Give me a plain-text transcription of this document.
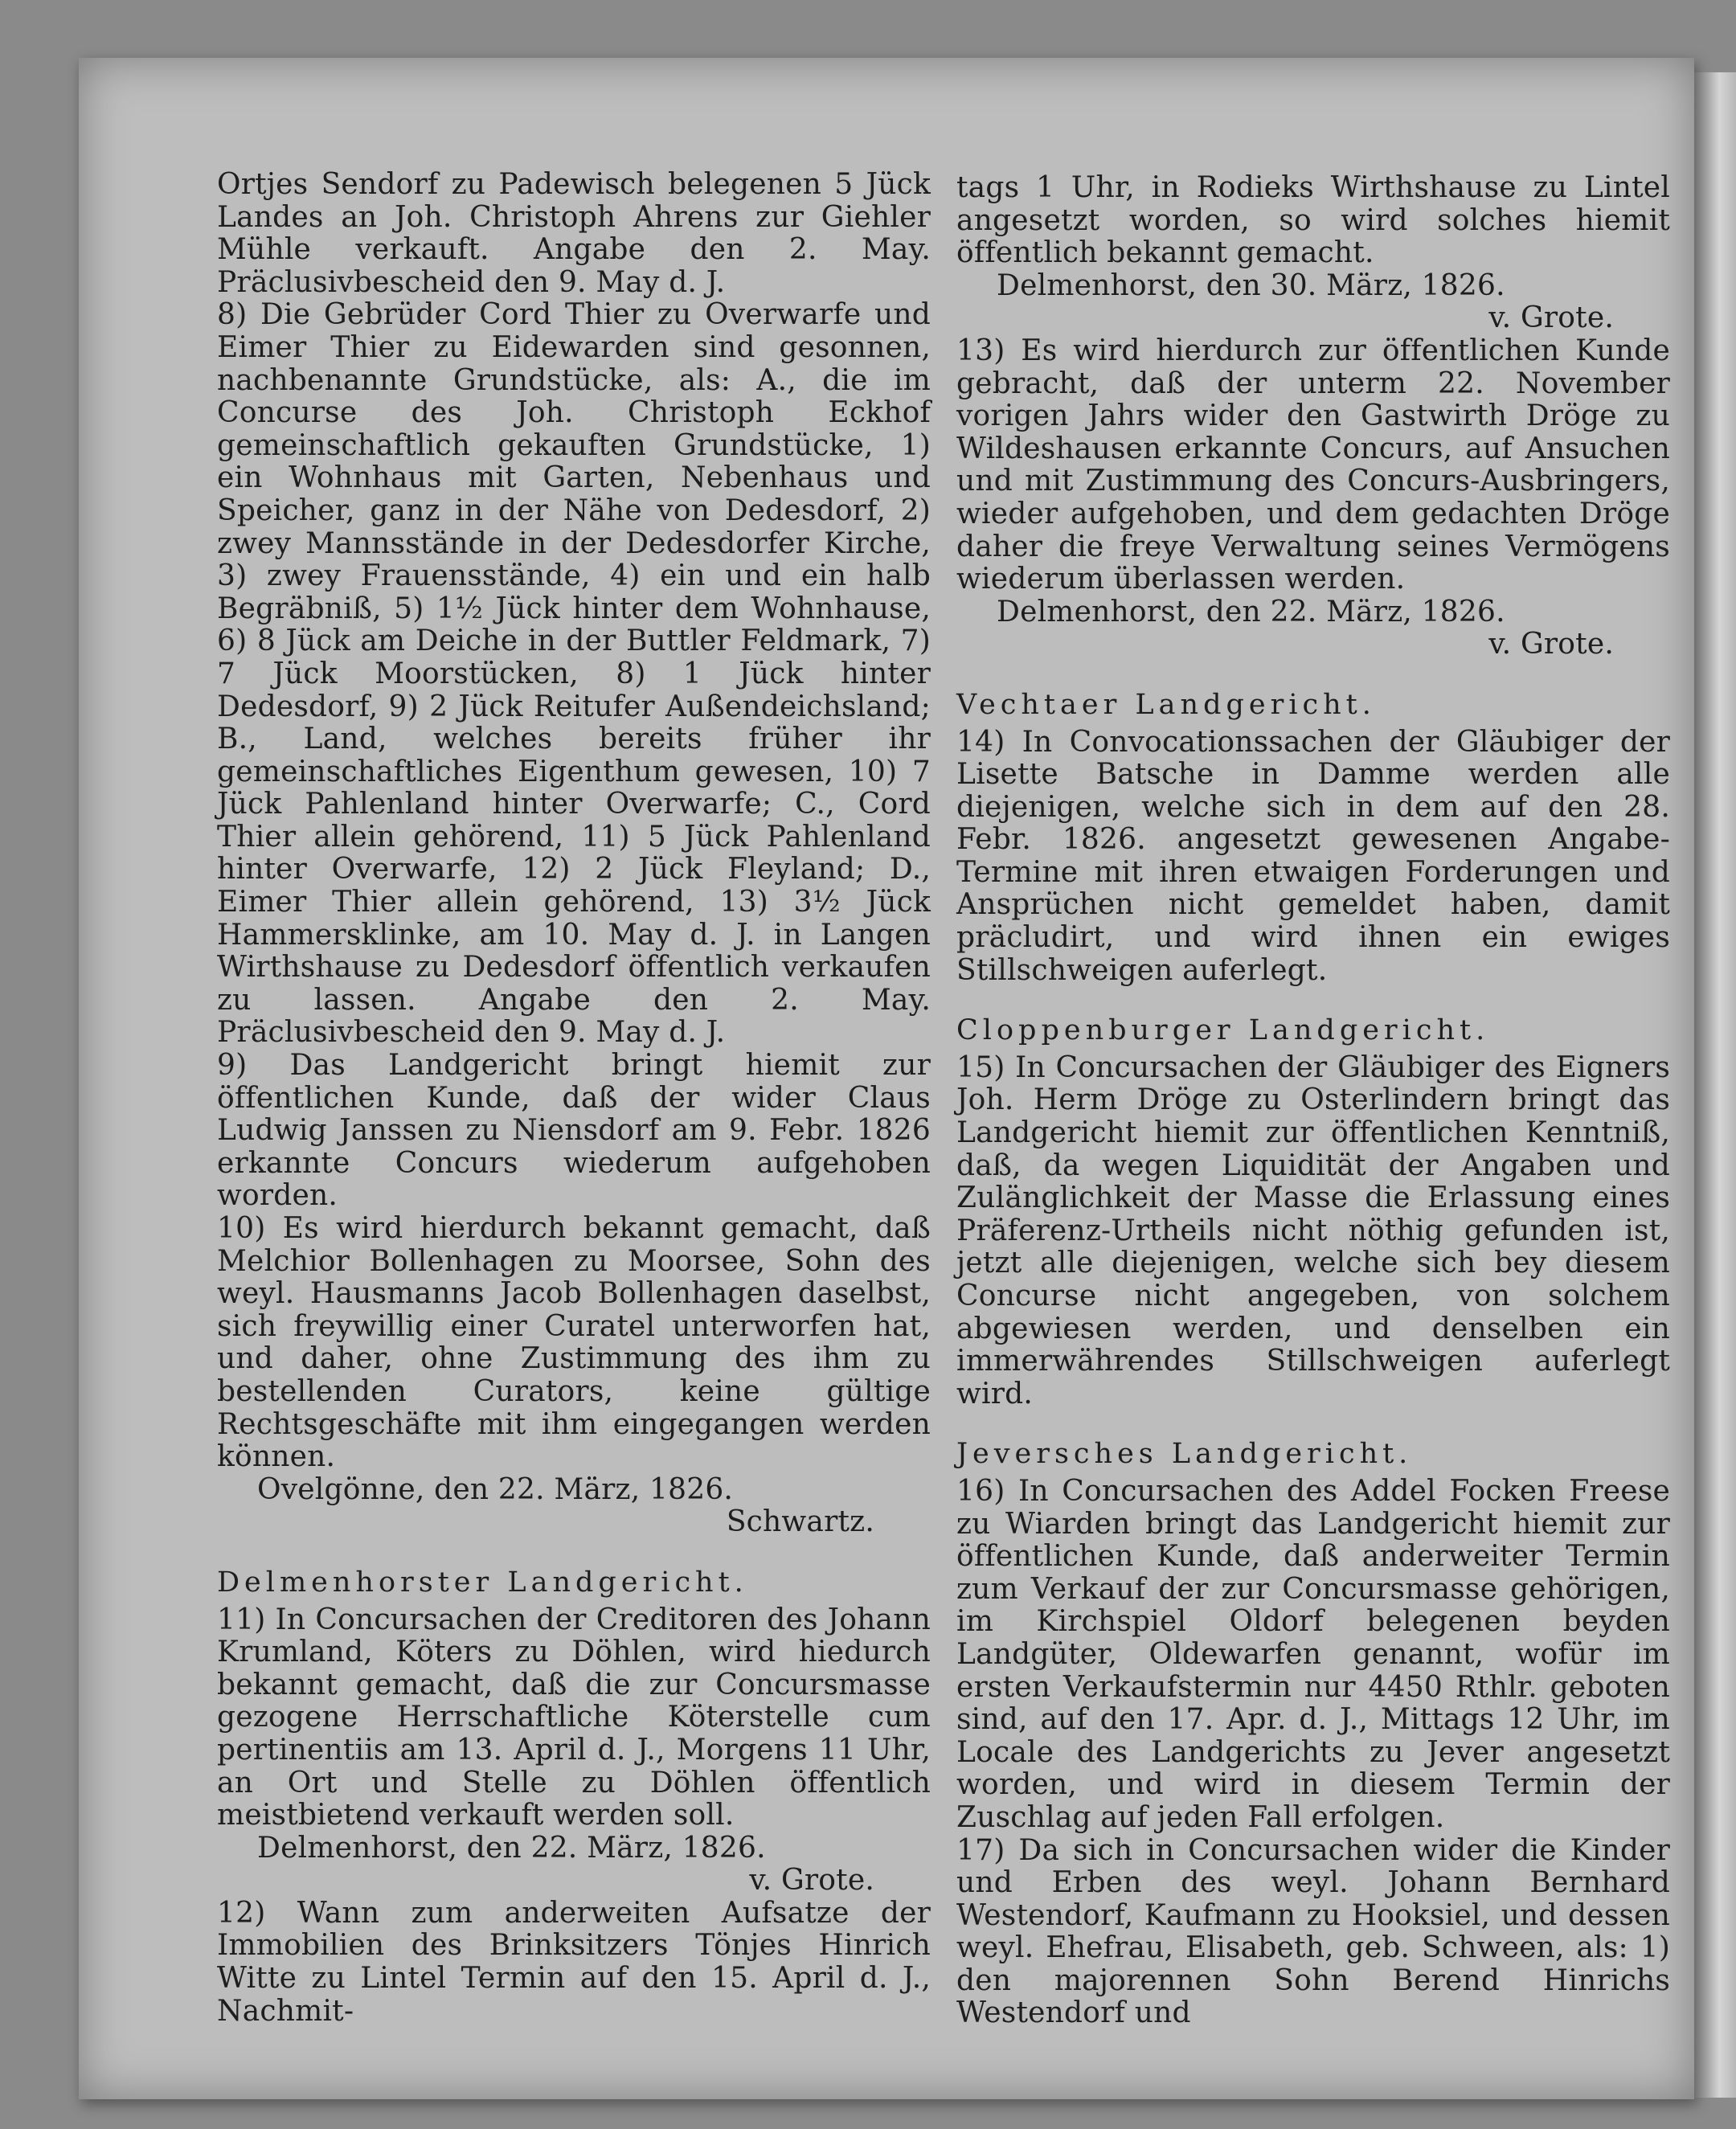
Ortjes Sendorf zu Padewisch belegenen 5 Jück Landes an Joh. Christoph Ahrens zur Giehler Mühle verkauft. Angabe den 2. May. Präclusivbescheid den 9. May d. J.

8) Die Gebrüder Cord Thier zu Overwarfe und Eimer Thier zu Eidewarden sind gesonnen, nachbenannte Grundstücke, als: A., die im Concurse des Joh. Christoph Eckhof gemeinschaftlich gekauften Grundstücke, 1) ein Wohnhaus mit Garten, Nebenhaus und Speicher, ganz in der Nähe von Dedesdorf, 2) zwey Mannsstände in der Dedesdorfer Kirche, 3) zwey Frauensstände, 4) ein und ein halb Begräbniß, 5) 1½ Jück hinter dem Wohnhause, 6) 8 Jück am Deiche in der Buttler Feldmark, 7) 7 Jück Moorstücken, 8) 1 Jück hinter Dedesdorf, 9) 2 Jück Reitufer Außendeichsland; B., Land, welches bereits früher ihr gemeinschaftliches Eigenthum gewesen, 10) 7 Jück Pahlenland hinter Overwarfe; C., Cord Thier allein gehörend, 11) 5 Jück Pahlenland hinter Overwarfe, 12) 2 Jück Fleyland; D., Eimer Thier allein gehörend, 13) 3½ Jück Hammersklinke, am 10. May d. J. in Langen Wirthshause zu Dedesdorf öffentlich verkaufen zu lassen. Angabe den 2. May. Präclusivbescheid den 9. May d. J.

9) Das Landgericht bringt hiemit zur öffentlichen Kunde, daß der wider Claus Ludwig Janssen zu Niensdorf am 9. Febr. 1826 erkannte Concurs wiederum aufgehoben worden.

10) Es wird hierdurch bekannt gemacht, daß Melchior Bollenhagen zu Moorsee, Sohn des weyl. Hausmanns Jacob Bollenhagen daselbst, sich freywillig einer Curatel unterworfen hat, und daher, ohne Zustimmung des ihm zu bestellenden Curators, keine gültige Rechtsgeschäfte mit ihm eingegangen werden können.

Ovelgönne, den 22. März, 1826.

Schwartz.

Delmenhorster Landgericht.

11) In Concursachen der Creditoren des Johann Krumland, Köters zu Döhlen, wird hiedurch bekannt gemacht, daß die zur Concursmasse gezogene Herrschaftliche Köterstelle cum pertinentiis am 13. April d. J., Morgens 11 Uhr, an Ort und Stelle zu Döhlen öffentlich meistbietend verkauft werden soll.

Delmenhorst, den 22. März, 1826.

v. Grote.

12) Wann zum anderweiten Aufsatze der Immobilien des Brinksitzers Tönjes Hinrich Witte zu Lintel Termin auf den 15. April d. J., Nachmit-

tags 1 Uhr, in Rodieks Wirthshause zu Lintel angesetzt worden, so wird solches hiemit öffentlich bekannt gemacht.

Delmenhorst, den 30. März, 1826.

v. Grote.

13) Es wird hierdurch zur öffentlichen Kunde gebracht, daß der unterm 22. November vorigen Jahrs wider den Gastwirth Dröge zu Wildeshausen erkannte Concurs, auf Ansuchen und mit Zustimmung des Concurs-Ausbringers, wieder aufgehoben, und dem gedachten Dröge daher die freye Verwaltung seines Vermögens wiederum überlassen werden.

Delmenhorst, den 22. März, 1826.

v. Grote.

Vechtaer Landgericht.

14) In Convocationssachen der Gläubiger der Lisette Batsche in Damme werden alle diejenigen, welche sich in dem auf den 28. Febr. 1826. angesetzt gewesenen Angabe-Termine mit ihren etwaigen Forderungen und Ansprüchen nicht gemeldet haben, damit präcludirt, und wird ihnen ein ewiges Stillschweigen auferlegt.

Cloppenburger Landgericht.

15) In Concursachen der Gläubiger des Eigners Joh. Herm Dröge zu Osterlindern bringt das Landgericht hiemit zur öffentlichen Kenntniß, daß, da wegen Liquidität der Angaben und Zulänglichkeit der Masse die Erlassung eines Präferenz-Urtheils nicht nöthig gefunden ist, jetzt alle diejenigen, welche sich bey diesem Concurse nicht angegeben, von solchem abgewiesen werden, und denselben ein immerwährendes Stillschweigen auferlegt wird.

Jeversches Landgericht.

16) In Concursachen des Addel Focken Freese zu Wiarden bringt das Landgericht hiemit zur öffentlichen Kunde, daß anderweiter Termin zum Verkauf der zur Concursmasse gehörigen, im Kirchspiel Oldorf belegenen beyden Landgüter, Oldewarfen genannt, wofür im ersten Verkaufstermin nur 4450 Rthlr. geboten sind, auf den 17. Apr. d. J., Mittags 12 Uhr, im Locale des Landgerichts zu Jever angesetzt worden, und wird in diesem Termin der Zuschlag auf jeden Fall erfolgen.

17) Da sich in Concursachen wider die Kinder und Erben des weyl. Johann Bernhard Westendorf, Kaufmann zu Hooksiel, und dessen weyl. Ehefrau, Elisabeth, geb. Schween, als: 1) den majorennen Sohn Berend Hinrichs Westendorf und
